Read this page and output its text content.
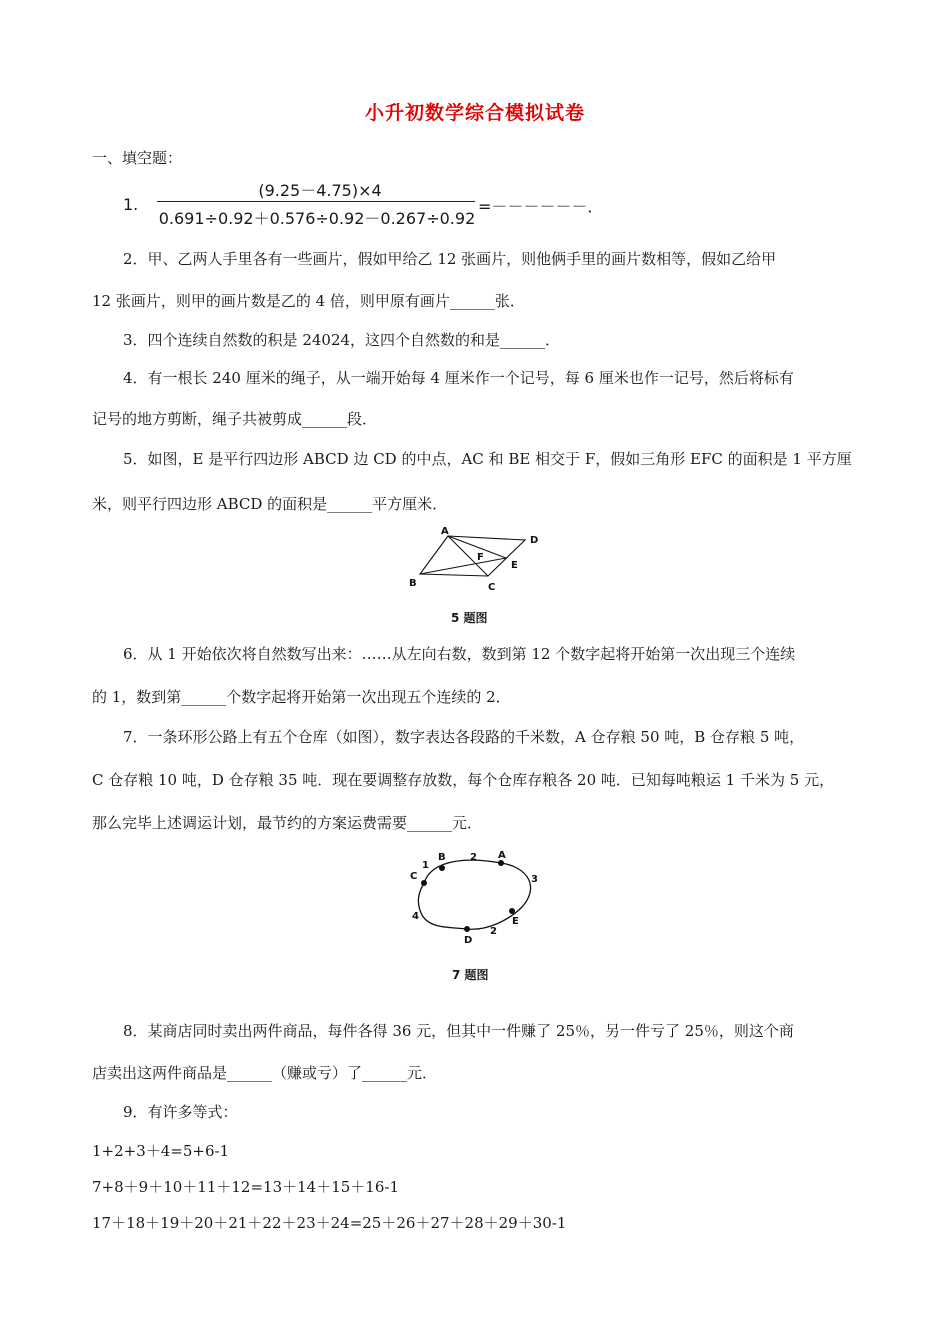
小升初数学综合模拟试卷
一、填空题：
1.
(9.25－4.75)×4
0.691÷0.92＋0.576÷0.92－0.267÷0.92
=－－－－－－．
2．甲、乙两人手里各有一些画片，假如甲给乙 12 张画片，则他俩手里的画片数相等，假如乙给甲
12 张画片，则甲的画片数是乙的 4 倍，则甲原有画片______张．
3．四个连续自然数的积是 24024，这四个自然数的和是______．
4．有一根长 240 厘米的绳子，从一端开始每 4 厘米作一个记号，每 6 厘米也作一记号，然后将标有
记号的地方剪断，绳子共被剪成______段．
5．如图，E 是平行四边形 ABCD 边 CD 的中点，AC 和 BE 相交于 F，假如三角形 EFC 的面积是 1 平方厘
米，则平行四边形 ABCD 的面积是______平方厘米．
A
D
F
E
B	C
5 题图
6．从 1 开始依次将自然数写出来：……从左向右数，数到第 12 个数字起将开始第一次出现三个连续
的 1，数到第______个数字起将开始第一次出现五个连续的 2．
7．一条环形公路上有五个仓库（如图），数字表达各段路的千米数，A 仓存粮 50 吨，B 仓存粮 5 吨，
C 仓存粮 10 吨，D 仓存粮 35 吨．现在要调整存放数，每个仓库存粮各 20 吨．已知每吨粮运 1 千米为 5 元，
那么完毕上述调运计划，最节约的方案运费需要______元．
C
1
B 2 A
3
E
2
D
4
7 题图
8．某商店同时卖出两件商品，每件各得 36 元，但其中一件赚了 25％，另一件亏了 25％，则这个商
店卖出这两件商品是______（赚或亏）了______元．
9．有许多等式：
1+2+3＋4=5+6-1
7+8＋9＋10＋11＋12=13＋14＋15＋16-1
17＋18＋19＋20＋21＋22＋23＋24=25＋26＋27＋28＋29＋30-1
